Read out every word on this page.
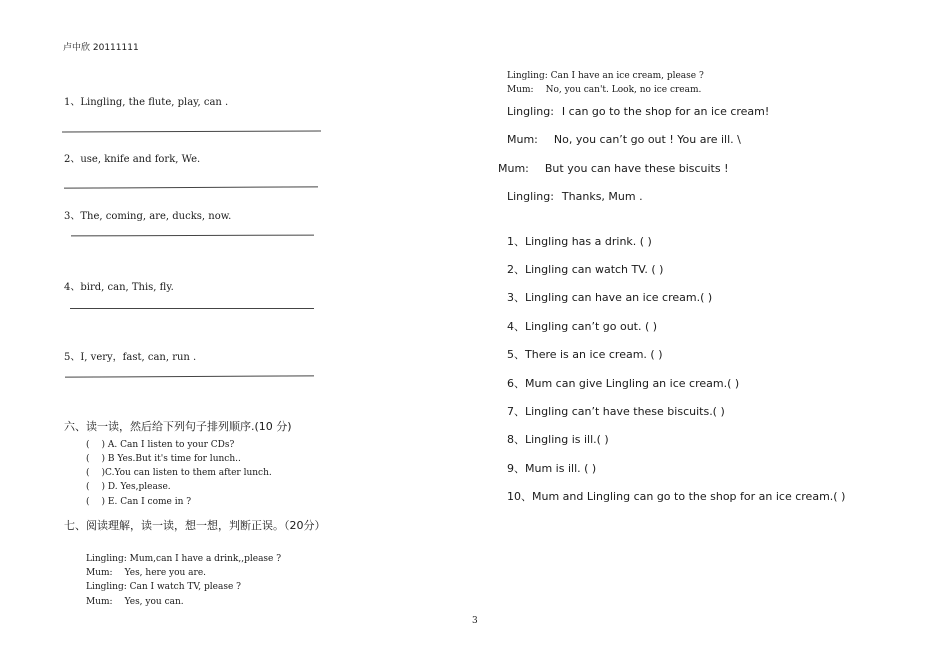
卢中欣 20111111
1、Lingling, the flute, play, can .
2、use, knife and fork, We.
3、The, coming, are, ducks, now.
4、bird, can, This, fly.
5、I, very，fast, can, run .
六、读一读，然后给下列句子排列顺序.(10 分)
( ) A. Can I listen to your CDs?
( ) B Yes.But it's time for lunch..
( )C.You can listen to them after lunch.
( ) D. Yes,please.
( ) E. Can I come in ?
七、阅读理解，读一读，想一想，判断正误。（20分）
Lingling: Mum,can I have a drink,,please ?
Mum: Yes, here you are.
Lingling: Can I watch TV, please ?
Mum: Yes, you can.
Lingling: Can I have an ice cream, please ?
Mum: No, you can't. Look, no ice cream.
Lingling: I can go to the shop for an ice cream!
Mum: No, you can’t go out ! You are ill. \
Mum: But you can have these biscuits !
Lingling: Thanks, Mum .
1、Lingling has a drink. ( )
2、Lingling can watch TV. ( )
3、Lingling can have an ice cream.( )
4、Lingling can’t go out. ( )
5、There is an ice cream. ( )
6、Mum can give Lingling an ice cream.( )
7、Lingling can’t have these biscuits.( )
8、Lingling is ill.( )
9、Mum is ill. ( )
10、Mum and Lingling can go to the shop for an ice cream.( )
3
